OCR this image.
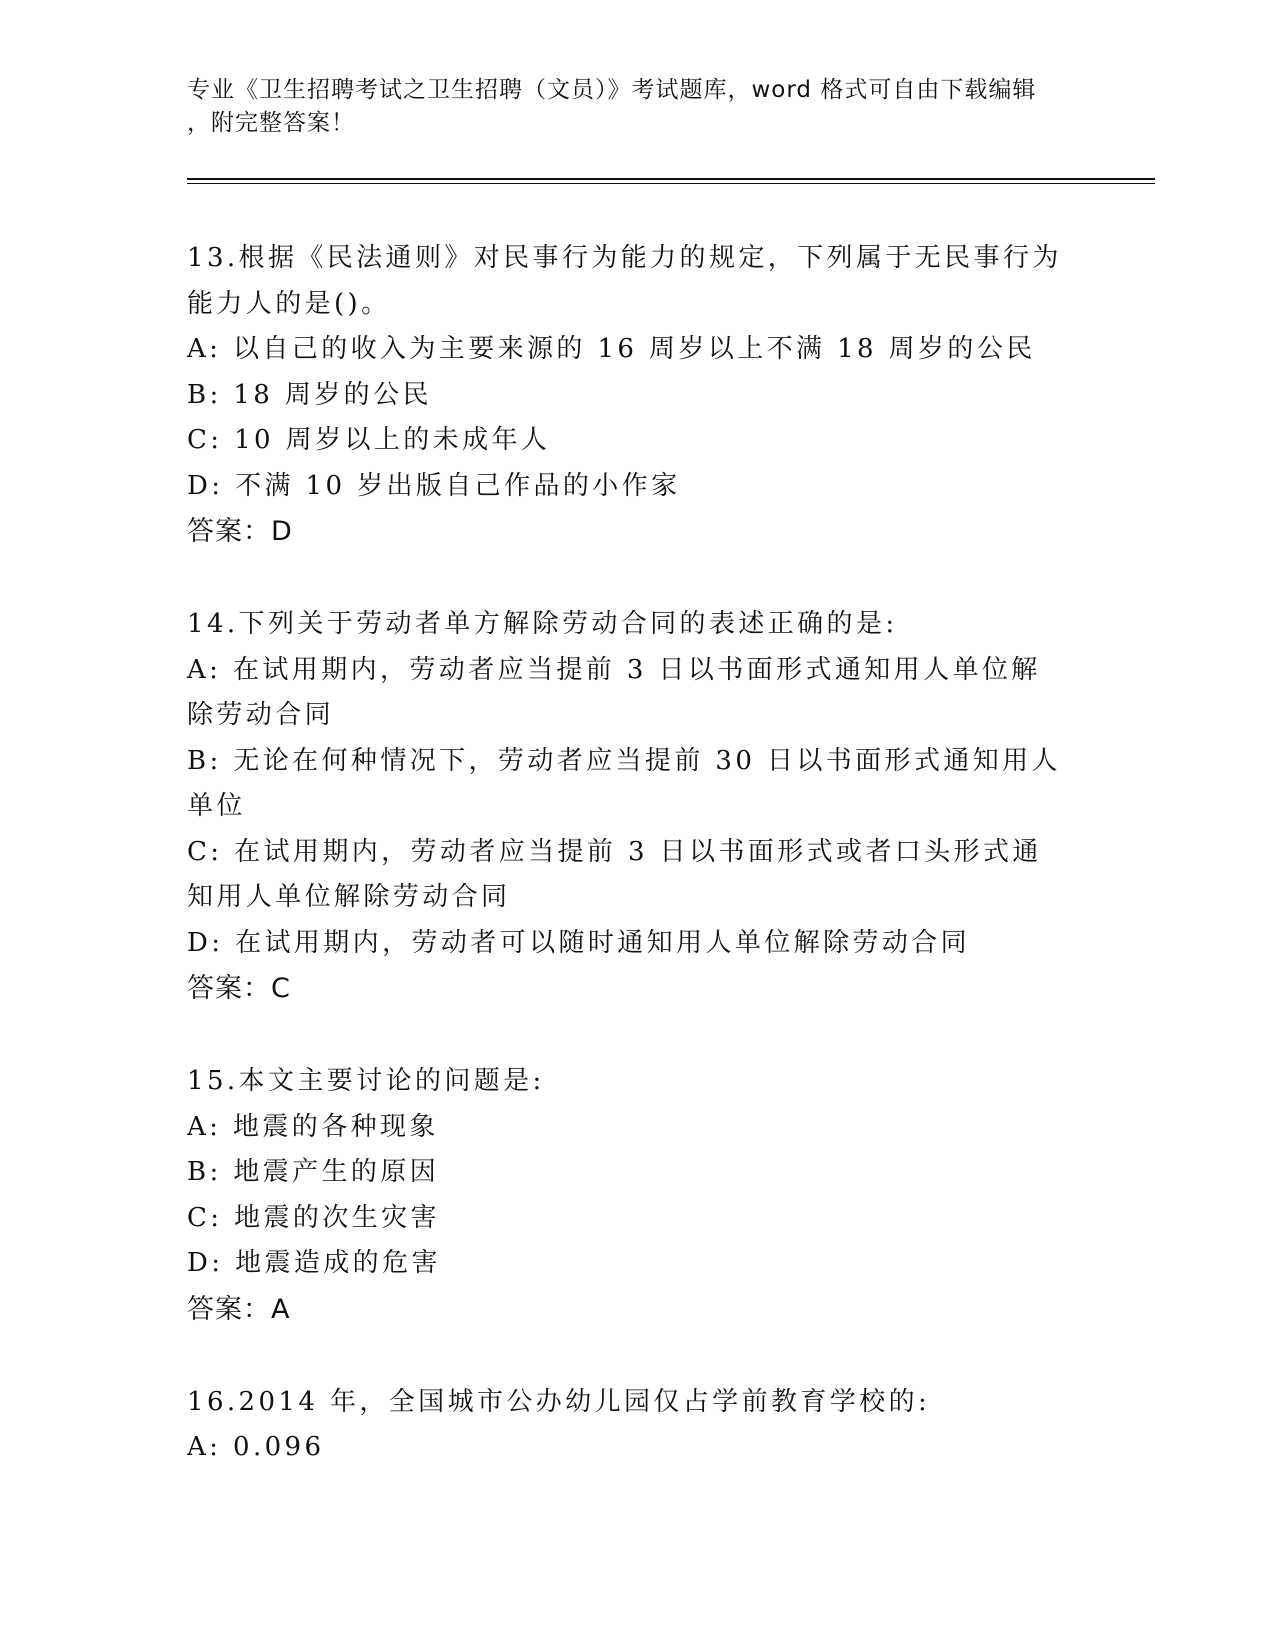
专业《卫生招聘考试之卫生招聘（文员）》考试题库，word 格式可自由下载编辑
，附完整答案！
13.根据《民法通则》对民事行为能力的规定，下列属于无民事行为能力人的是()。
A: 以自己的收入为主要来源的 16 周岁以上不满 18 周岁的公民
B: 18 周岁的公民
C: 10 周岁以上的未成年人
D: 不满 10 岁出版自己作品的小作家
答案：D
14.下列关于劳动者单方解除劳动合同的表述正确的是:
A: 在试用期内，劳动者应当提前 3 日以书面形式通知用人单位解除劳动合同
B: 无论在何种情况下，劳动者应当提前 30 日以书面形式通知用人单位
C: 在试用期内，劳动者应当提前 3 日以书面形式或者口头形式通知用人单位解除劳动合同
D: 在试用期内，劳动者可以随时通知用人单位解除劳动合同
答案：C
15.本文主要讨论的问题是:
A: 地震的各种现象
B: 地震产生的原因
C: 地震的次生灾害
D: 地震造成的危害
答案：A
16.2014 年，全国城市公办幼儿园仅占学前教育学校的:
A: 0.096
